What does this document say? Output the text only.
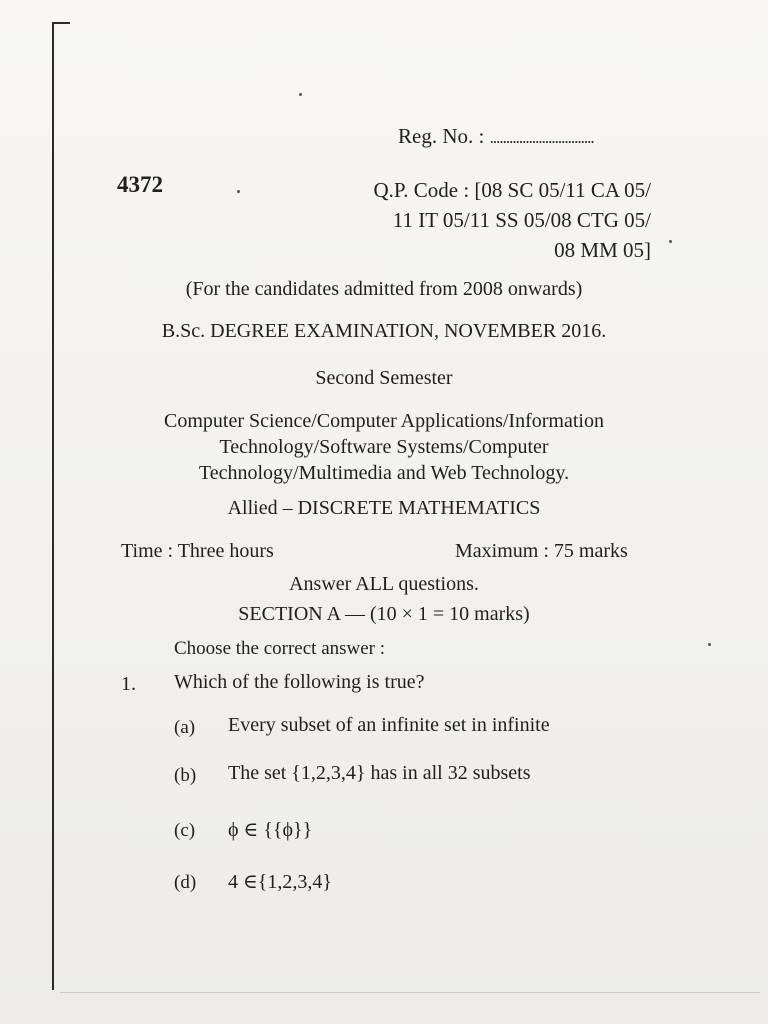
Reg. No. : ................................
4372	Q.P. Code : [08 SC 05/11 CA 05/
11 IT 05/11 SS 05/08 CTG 05/
08 MM 05]
(For the candidates admitted from 2008 onwards)
B.Sc. DEGREE EXAMINATION, NOVEMBER 2016.
Second Semester
Computer Science/Computer Applications/Information
Technology/Software Systems/Computer
Technology/Multimedia and Web Technology.
Allied – DISCRETE MATHEMATICS
Time : Three hours	Maximum : 75 marks
Answer ALL questions.
SECTION A — (10 × 1 = 10 marks)
Choose the correct answer :
1. Which of the following is true?
(a) Every subset of an infinite set in infinite
(b) The set {1,2,3,4} has in all 32 subsets
(c) ϕ ∈ {{ϕ}}
(d) 4 ∈{1,2,3,4}
